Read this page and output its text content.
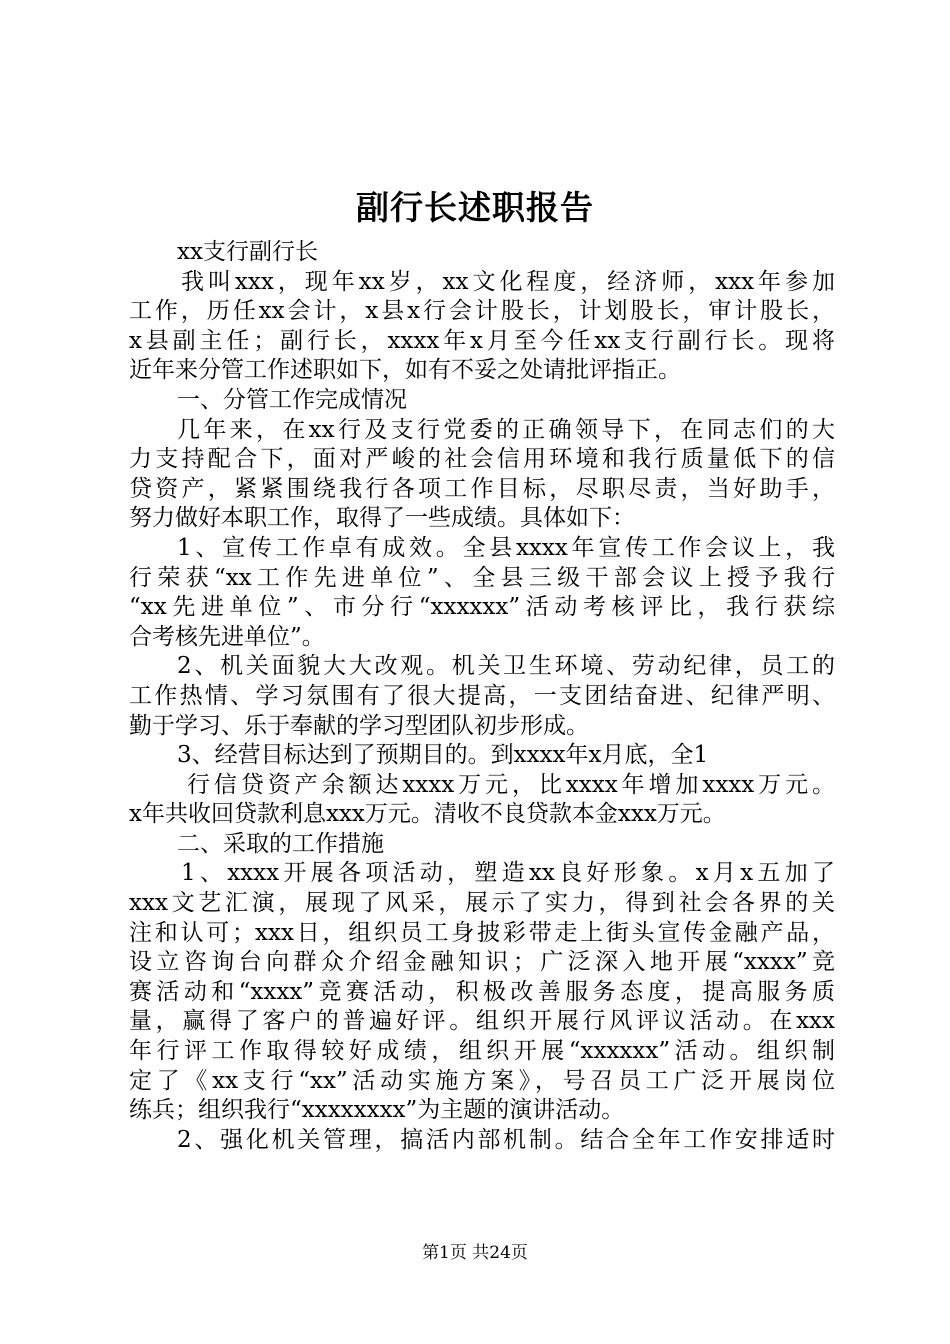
副行长述职报告
xx支行副行长
我叫xxx，现年xx岁，xx文化程度，经济师，xxx年参加
工作，历任xx会计，x县x行会计股长，计划股长，审计股长，
x县副主任；副行长，xxxx年x月至今任xx支行副行长。现将
近年来分管工作述职如下，如有不妥之处请批评指正。
一、分管工作完成情况
几年来，在xx行及支行党委的正确领导下，在同志们的大
力支持配合下，面对严峻的社会信用环境和我行质量低下的信
贷资产，紧紧围绕我行各项工作目标，尽职尽责，当好助手，
努力做好本职工作，取得了一些成绩。具体如下：
1、宣传工作卓有成效。全县xxxx年宣传工作会议上，我
行荣获“xx工作先进单位”、全县三级干部会议上授予我行
“xx先进单位”、市分行“xxxxxx”活动考核评比，我行获综
合考核先进单位”。
2、机关面貌大大改观。机关卫生环境、劳动纪律，员工的
工作热情、学习氛围有了很大提高，一支团结奋进、纪律严明、
勤于学习、乐于奉献的学习型团队初步形成。
3、经营目标达到了预期目的。到xxxx年x月底，全1
行信贷资产余额达xxxx万元，比xxxx年增加xxxx万元。
x年共收回贷款利息xxx万元。清收不良贷款本金xxx万元。
二、采取的工作措施
1、xxxx开展各项活动，塑造xx良好形象。x月x五加了
xxx文艺汇演，展现了风采，展示了实力，得到社会各界的关
注和认可；xxx日，组织员工身披彩带走上街头宣传金融产品，
设立咨询台向群众介绍金融知识；广泛深入地开展“xxxx”竞
赛活动和“xxxx”竞赛活动，积极改善服务态度，提高服务质
量，赢得了客户的普遍好评。组织开展行风评议活动。在xxx
年行评工作取得较好成绩，组织开展“xxxxxx”活动。组织制
定了《xx支行“xx”活动实施方案》，号召员工广泛开展岗位
练兵；组织我行“xxxxxxxx”为主题的演讲活动。
2、强化机关管理，搞活内部机制。结合全年工作安排适时
第1页 共24页
